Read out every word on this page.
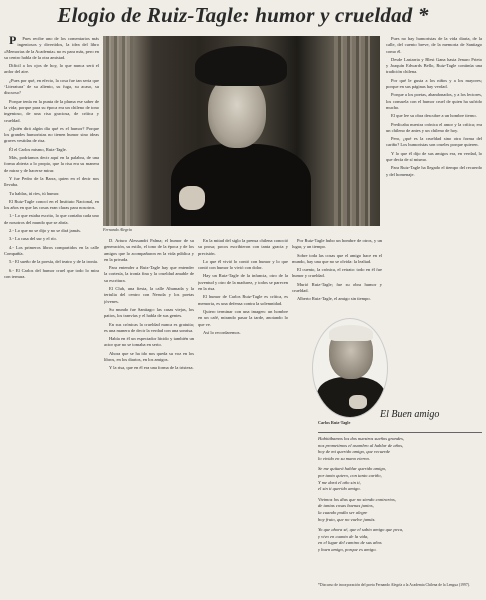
Elogio de Ruiz-Tagle: humor y crueldad *

P Pues recibe uno de los comentarios más ingeniosos y divertidos, la idea del libro «Memorias de la Academia» no es para más, pero en su centro habla de la otra amistad.

Difícil a los ojos de hoy, lo que nunca será el ardor del aire.

¿Pues por qué, en efecto, la cosa fue tan seria que ‘Literatura’ de su aliento, su fuga, su acaso, su discurso?

Porque tenía en la punta de la pluma ese saber de la vida; porque para su época era un chileno de tono ingenioso, de una risa graciosa, de crítica y crueldad.

¿Quién dirá algún día qué es el humor? Porque los grandes humoristas no tienen humor sino ideas graves vestidas de risa.

Él el Carlos mismo, Ruiz-Tagle.

Más, podríamos decir aquí en la palabra, de una forma abierta a lo propio, que la risa era su manera de mirar y de hacerse mirar.

Y fue Pedro de la Barra, quien en el decir nos llevaba.

Tu hablas, tú ríes, tú humor.

El Ruiz-Tagle conocí en el Instituto Nacional, en los años en que las cosas eran claras para nosotros.

1.- Lo que estaba escrito, lo que contaba cada uno de nosotros del mundo que se abría.

2.- Lo que no se dijo y no se dirá jamás.

3.- La casa del sur y el río.

4.- Los primeros libros compartidos en la calle Compañía.

5.- El sueño de la poesía, del teatro y de la ironía.

6.- El Carlos del humor cruel que todo lo mira con ternura.

Fernando Alegría

D. Arturo Alessandri Palma; el humor de su generación, su estilo, el tono de la época y de los amigos que lo acompañaron en la vida pública y en la privada.

Para entender a Ruiz-Tagle hay que entender la cortesía, la ironía fina y la crueldad amable de su escritura.

El Club, una fiesta, la calle Ahumada y la tertulia del centro con Neruda y los poetas jóvenes.

Su mundo fue Santiago: las casas viejas, los patios, los tranvías y el habla de sus gentes.

En sus crónicas la crueldad nunca es gratuita; es una manera de decir la verdad con una sonrisa.

Había en él un espectador lúcido y también un actor que no se tomaba en serio.

Ahora que se ha ido nos queda su voz en los libros, en los diarios, en los amigos.

Y la risa, que en él era una forma de la tristeza.

En la mitad del siglo la prensa chilena conoció su prosa; pocos escribieron con tanta gracia y precisión.

Lo que él vivió lo contó con humor y lo que contó con humor lo vivió con dolor.

Hay un Ruiz-Tagle de la infancia, otro de la juventud y otro de la madurez, y todos se parecen en la risa.

El humor de Carlos Ruiz-Tagle es crítica, es memoria, es una defensa contra la solemnidad.

Quiero terminar con una imagen: un hombre en un café, mirando pasar la tarde, anotando lo que ve.

Así lo recordaremos.

Por Ruiz-Tagle hubo un hombre de otros, y un lugar, y un tiempo.

Sobre toda las cosas que el amigo hace en el mundo, hay una que no se olvida: la lealtad.

El cuento, la crónica, el retrato: todo en él fue humor y crueldad.

Murió Ruiz-Tagle; fue su obra humor y crueldad.

Alberto Ruiz-Tagle, el amigo sin tiempo.

Pues no hay humoristas de la vida diaria, de la calle, del cuento breve, de la memoria de Santiago como él.

Desde Lastarria y Blest Gana hasta Jenaro Prieto y Joaquín Edwards Bello, Ruiz-Tagle continúa una tradición chilena.

Por qué le gusta a los niños y a los mayores; porque en sus páginas hay verdad.

Porque a los poetas, abandonados, y a los lectores, los consuela con el humor cruel de quien ha sufrido mucho.

El que lee su obra descubre a un hombre tierno.

Predicaba nuestra crónica el amor y la crítica; era un chileno de antes y un chileno de hoy.

Pero, ¿qué es la crueldad sino otra forma del cariño? Los humoristas son crueles porque quieren.

Y lo que él dijo de sus amigos era, en verdad, lo que decía de sí mismo.

Para Ruiz-Tagle ha llegado el tiempo del recuerdo y del homenaje.

Carlos Ruiz-Tagle
El Buen amigo
Habitábamos los dos nuestros sueños grandes,
nos prometimos el asombro al hablar de años,
hoy de mi querido amigo, que recuerde
lo vivido en su mano eterno.
Se me quitará hablar querido amigo,
por tanto quiero, con tanto cariño,
Y me dará el año sin ti,
el sin ti querido amigo.
Vivimos los días que no siendo contrarios,
de tantas cosas buenas juntos,
la cuando podía ser alegre
hoy fruto, que no vuelve jamás.
Yo que ahora sé, que el sabio amigo que peca,
y vivo en cuanto de la vida,
en el lugar del camino de sus años
y buen amigo, porque es amigo.
*Discurso de incorporación del poeta Fernando Alegría a la Academia Chilena de la Lengua (1997).
